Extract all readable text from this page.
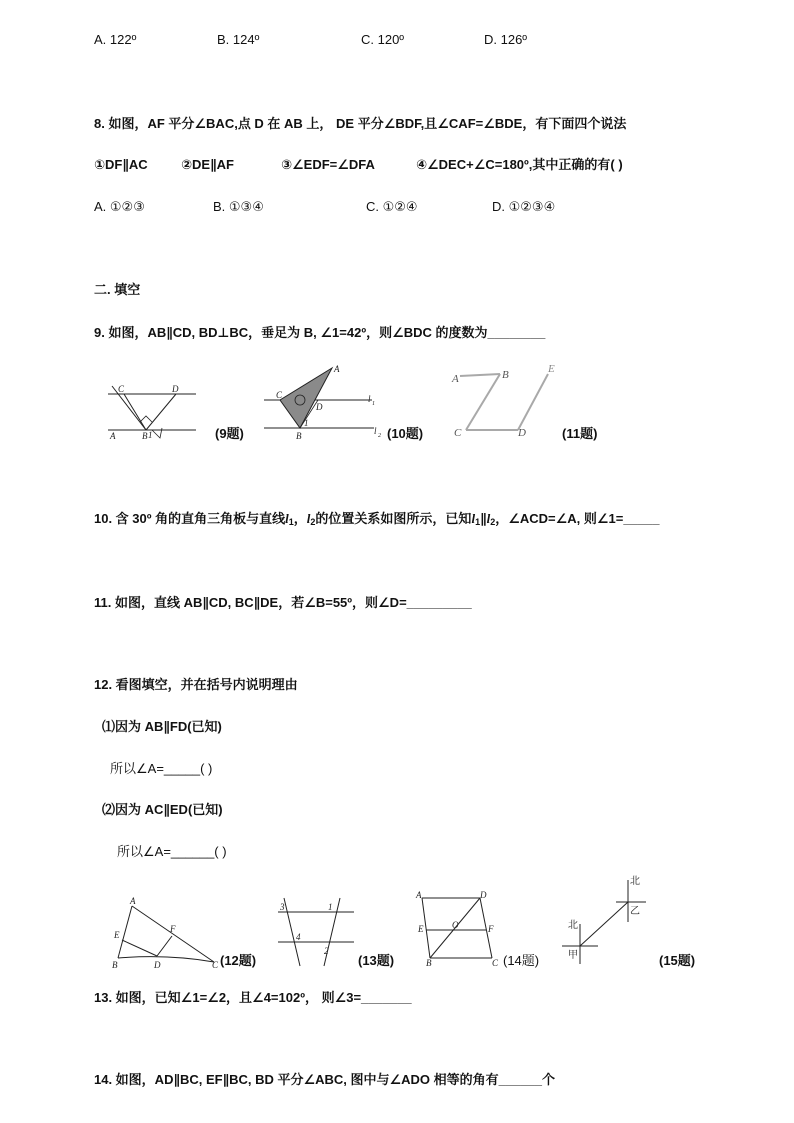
A. 122º	B. 124º	C. 120º	D. 126º
8. 如图，AF 平分∠BAC,点 D 在 AB 上， DE 平分∠BDF,且∠CAF=∠BDE，有下面四个说法
①DF∥AC	②DE∥AF	③∠EDF=∠DFA	④∠DEC+∠C=180º,其中正确的有( )
A. ①②③	B. ①③④	C. ①②④	D. ①②③④
二. 填空
9. 如图，AB∥CD, BD⊥BC，垂足为 B, ∠1=42º，则∠BDC 的度数为________
C	D
A	B 1	(9题)
A
C
D
B
1
l 1
l 2 (10题)
A	B
C	D
E
(11题)
10. 含 30º 角的直角三角板与直线$l_1$，$l_2$的位置关系如图所示，已知$l_1\parallel l_2$，∠ACD=∠A, 则∠1=_____
11. 如图，直线 AB∥CD, BC∥DE，若∠B=55º，则∠D=_________
12. 看图填空，并在括号内说明理由
⑴因为 AB∥FD(已知)
所以∠A=_____( )
⑵因为 AC∥ED(已知)
所以∠A=______( )
A
F
E
B	D	C (12题)
3	1
4
2
(13题)
A	D
E	O	F
B	C (14题)
北
乙
北
甲	(15题)
13. 如图，已知∠1=∠2，且∠4=102º， 则∠3=_______
14. 如图，AD∥BC, EF∥BC, BD 平分∠ABC, 图中与∠ADO 相等的角有______个
